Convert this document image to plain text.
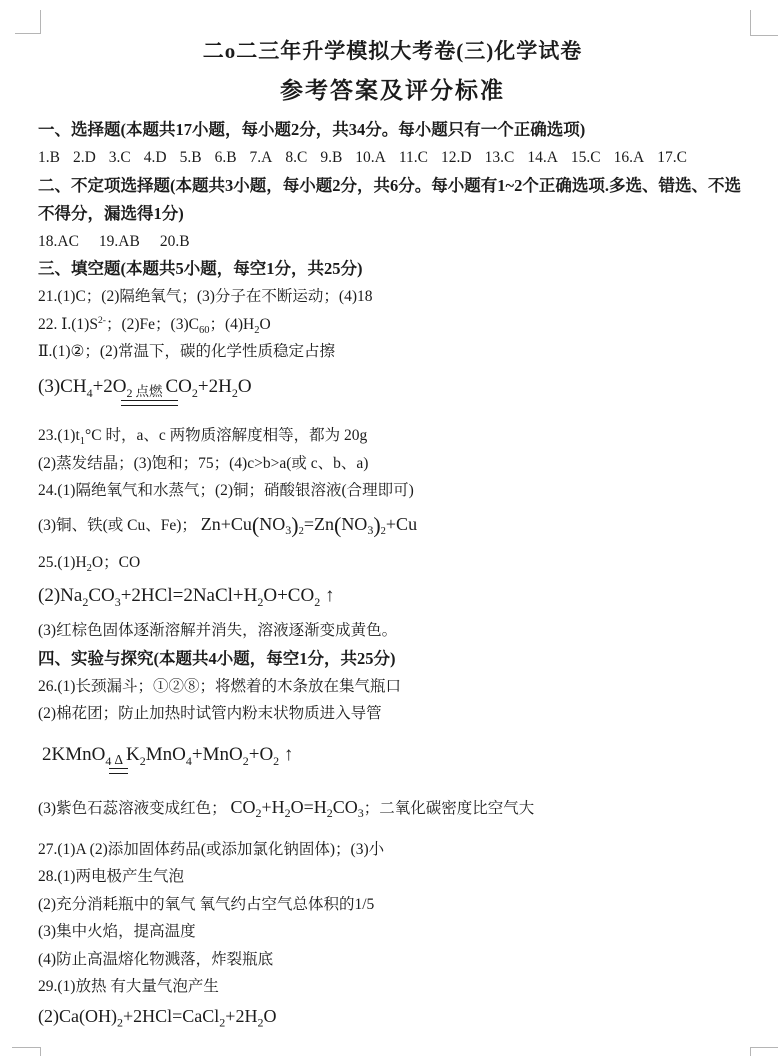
二o二三年升学模拟大考卷(三)化学试卷
参考答案及评分标准
一、选择题(本题共17小题，每小题2分，共34分。每小题只有一个正确选项)
1.B 2.D 3.C 4.D 5.B 6.B 7.A 8.C 9.B 10.A 11.C 12.D 13.C 14.A 15.C 16.A 17.C
二、不定项选择题(本题共3小题，每小题2分，共6分。每小题有1~2个正确选项.多选、错选、不选不得分，漏选得1分)
18.AC 19.AB 20.B
三、填空题(本题共5小题，每空1分，共25分)
21.(1)C；(2)隔绝氧气；(3)分子在不断运动；(4)18
22. $Ⅰ.(1)S^{2-}$；(2)Fe；$(3)C_{60}$；$(4)H_2O$
Ⅱ.(1)②；(2)常温下，碳的化学性质稳定占擦
$(3)CH_4+2O_2$ 点燃 $CO_2+2H_2O$
$23.(1)t_1^\circ C$ 时，a、c 两物质溶解度相等，都为 20g
(2)蒸发结晶；(3)饱和；75；(4)c>b>a(或 c、b、a)
24.(1)隔绝氧气和水蒸气；(2)铜；硝酸银溶液(合理即可)
(3)铜、铁(或 Cu、Fe)； $Zn+Cu(NO_3)_2=Zn(NO_3)_2+Cu$
$25.(1)H_2O$；CO
$(2)Na_2CO_3+2HCl=2NaCl+H_2O+CO_2$ ↑
(3)红棕色固体逐渐溶解并消失，溶液逐渐变成黄色。
四、实验与探究(本题共4小题，每空1分，共25分)
26.(1)长颈漏斗；①②⑧；将燃着的木条放在集气瓶口
(2)棉花团；防止加热时试管内粉末状物质进入导管
2KMnO$_4$ Δ $K_2MnO_4+MnO_2+O_2$ ↑
(3)紫色石蕊溶液变成红色； $CO_2+H_2O=H_2CO_3$；二氧化碳密度比空气大
27.(1)A (2)添加固体药品(或添加氯化钠固体)；(3)小
28.(1)两电极产生气泡
(2)充分消耗瓶中的氧气 氧气约占空气总体积的1/5
(3)集中火焰，提高温度
(4)防止高温熔化物溅落，炸裂瓶底
29.(1)放热 有大量气泡产生
$(2)Ca(OH)_2+2HCl=CaCl_2+2H_2O$
